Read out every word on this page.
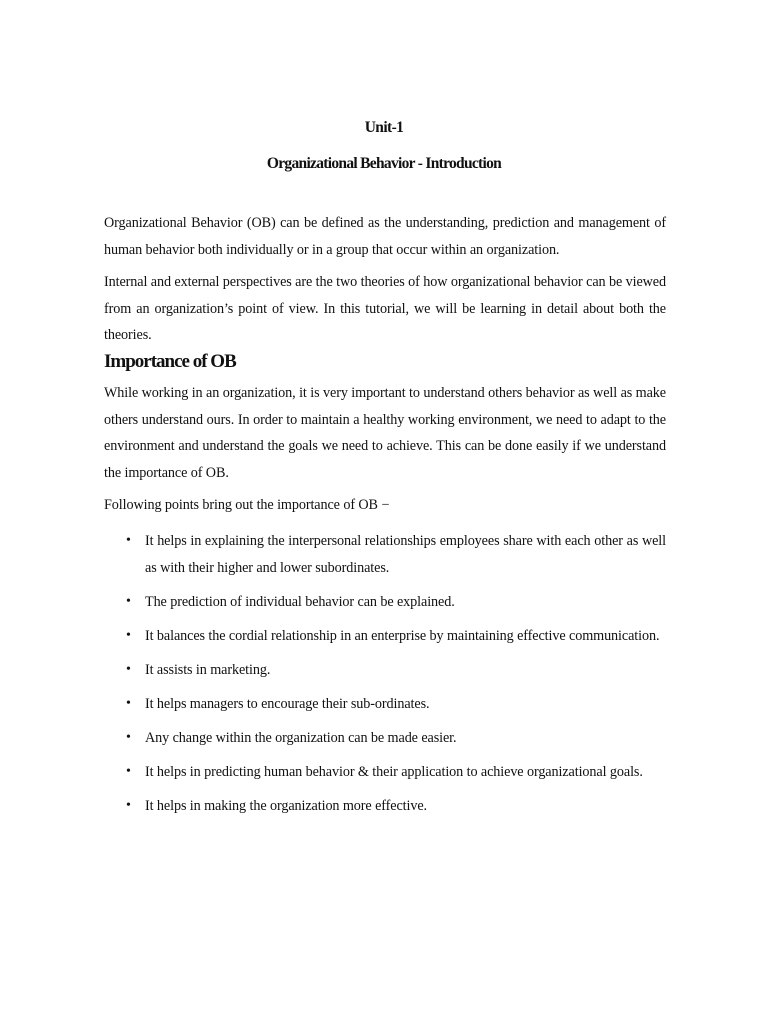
Unit-1
Organizational Behavior - Introduction

Organizational Behavior (OB) can be defined as the understanding, prediction and management of human behavior both individually or in a group that occur within an organization.

Internal and external perspectives are the two theories of how organizational behavior can be viewed from an organization’s point of view. In this tutorial, we will be learning in detail about both the theories.

Importance of OB

While working in an organization, it is very important to understand others behavior as well as make others understand ours. In order to maintain a healthy working environment, we need to adapt to the environment and understand the goals we need to achieve. This can be done easily if we understand the importance of OB.

Following points bring out the importance of OB −

• It helps in explaining the interpersonal relationships employees share with each other as well as with their higher and lower subordinates.
• The prediction of individual behavior can be explained.
• It balances the cordial relationship in an enterprise by maintaining effective communication.
• It assists in marketing.
• It helps managers to encourage their sub-ordinates.
• Any change within the organization can be made easier.
• It helps in predicting human behavior & their application to achieve organizational goals.
• It helps in making the organization more effective.
